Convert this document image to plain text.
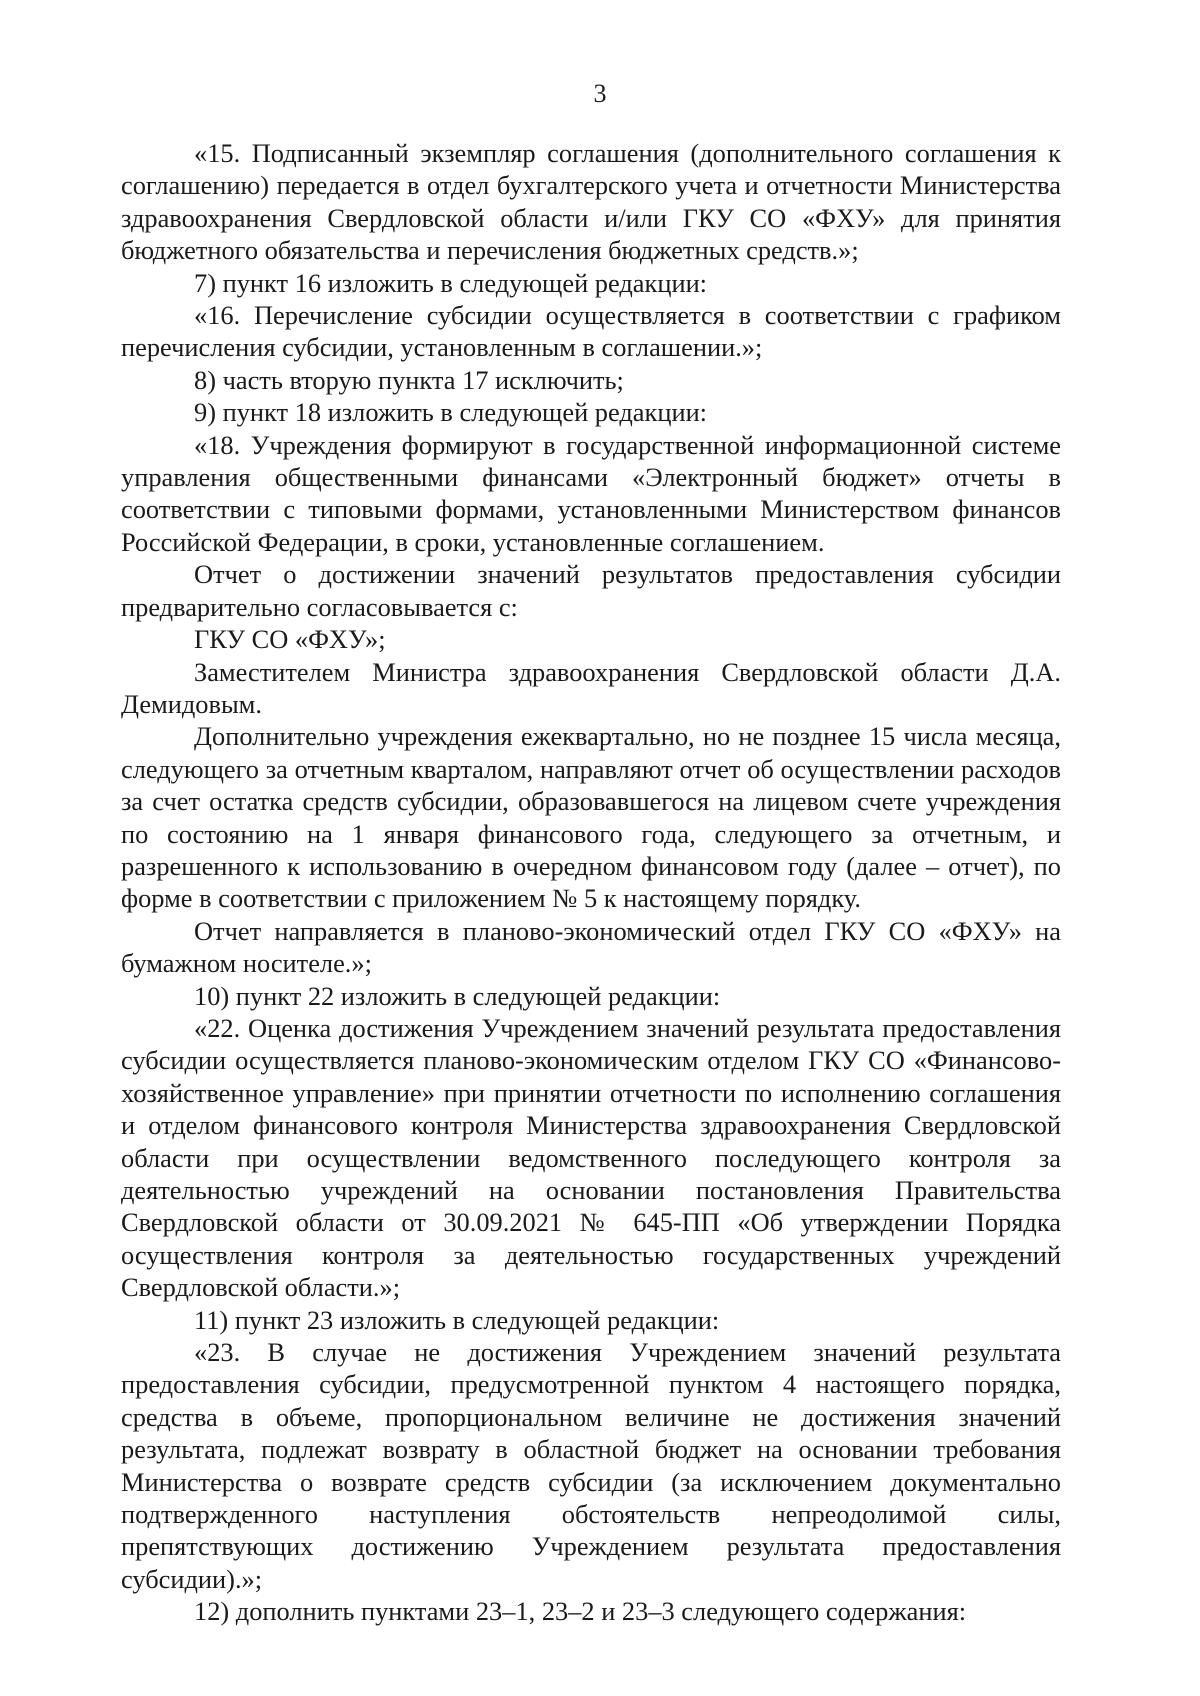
3

«15. Подписанный экземпляр соглашения (дополнительного соглашения к соглашению) передается в отдел бухгалтерского учета и отчетности Министерства здравоохранения Свердловской области и/или ГКУ СО «ФХУ» для принятия бюджетного обязательства и перечисления бюджетных средств.»;

7) пункт 16 изложить в следующей редакции:

«16. Перечисление субсидии осуществляется в соответствии с графиком перечисления субсидии, установленным в соглашении.»;

8) часть вторую пункта 17 исключить;

9) пункт 18 изложить в следующей редакции:

«18. Учреждения формируют в государственной информационной системе управления общественными финансами «Электронный бюджет» отчеты в соответствии с типовыми формами, установленными Министерством финансов Российской Федерации, в сроки, установленные соглашением.

Отчет о достижении значений результатов предоставления субсидии предварительно согласовывается с:

ГКУ СО «ФХУ»;

Заместителем Министра здравоохранения Свердловской области Д.А. Демидовым.

Дополнительно учреждения ежеквартально, но не позднее 15 числа месяца, следующего за отчетным кварталом, направляют отчет об осуществлении расходов за счет остатка средств субсидии, образовавшегося на лицевом счете учреждения по состоянию на 1 января финансового года, следующего за отчетным, и разрешенного к использованию в очередном финансовом году (далее – отчет), по форме в соответствии с приложением № 5 к настоящему порядку.

Отчет направляется в планово-экономический отдел ГКУ СО «ФХУ» на бумажном носителе.»;

10) пункт 22 изложить в следующей редакции:

«22. Оценка достижения Учреждением значений результата предоставления субсидии осуществляется планово-экономическим отделом ГКУ СО «Финансово-хозяйственное управление» при принятии отчетности по исполнению соглашения и отделом финансового контроля Министерства здравоохранения Свердловской области при осуществлении ведомственного последующего контроля за деятельностью учреждений на основании постановления Правительства Свердловской области от 30.09.2021 № 645-ПП «Об утверждении Порядка осуществления контроля за деятельностью государственных учреждений Свердловской области.»;

11) пункт 23 изложить в следующей редакции:

«23. В случае не достижения Учреждением значений результата предоставления субсидии, предусмотренной пунктом 4 настоящего порядка, средства в объеме, пропорциональном величине не достижения значений результата, подлежат возврату в областной бюджет на основании требования Министерства о возврате средств субсидии (за исключением документально подтвержденного наступления обстоятельств непреодолимой силы, препятствующих достижению Учреждением результата предоставления субсидии).»;

12) дополнить пунктами 23–1, 23–2 и 23–3 следующего содержания:
